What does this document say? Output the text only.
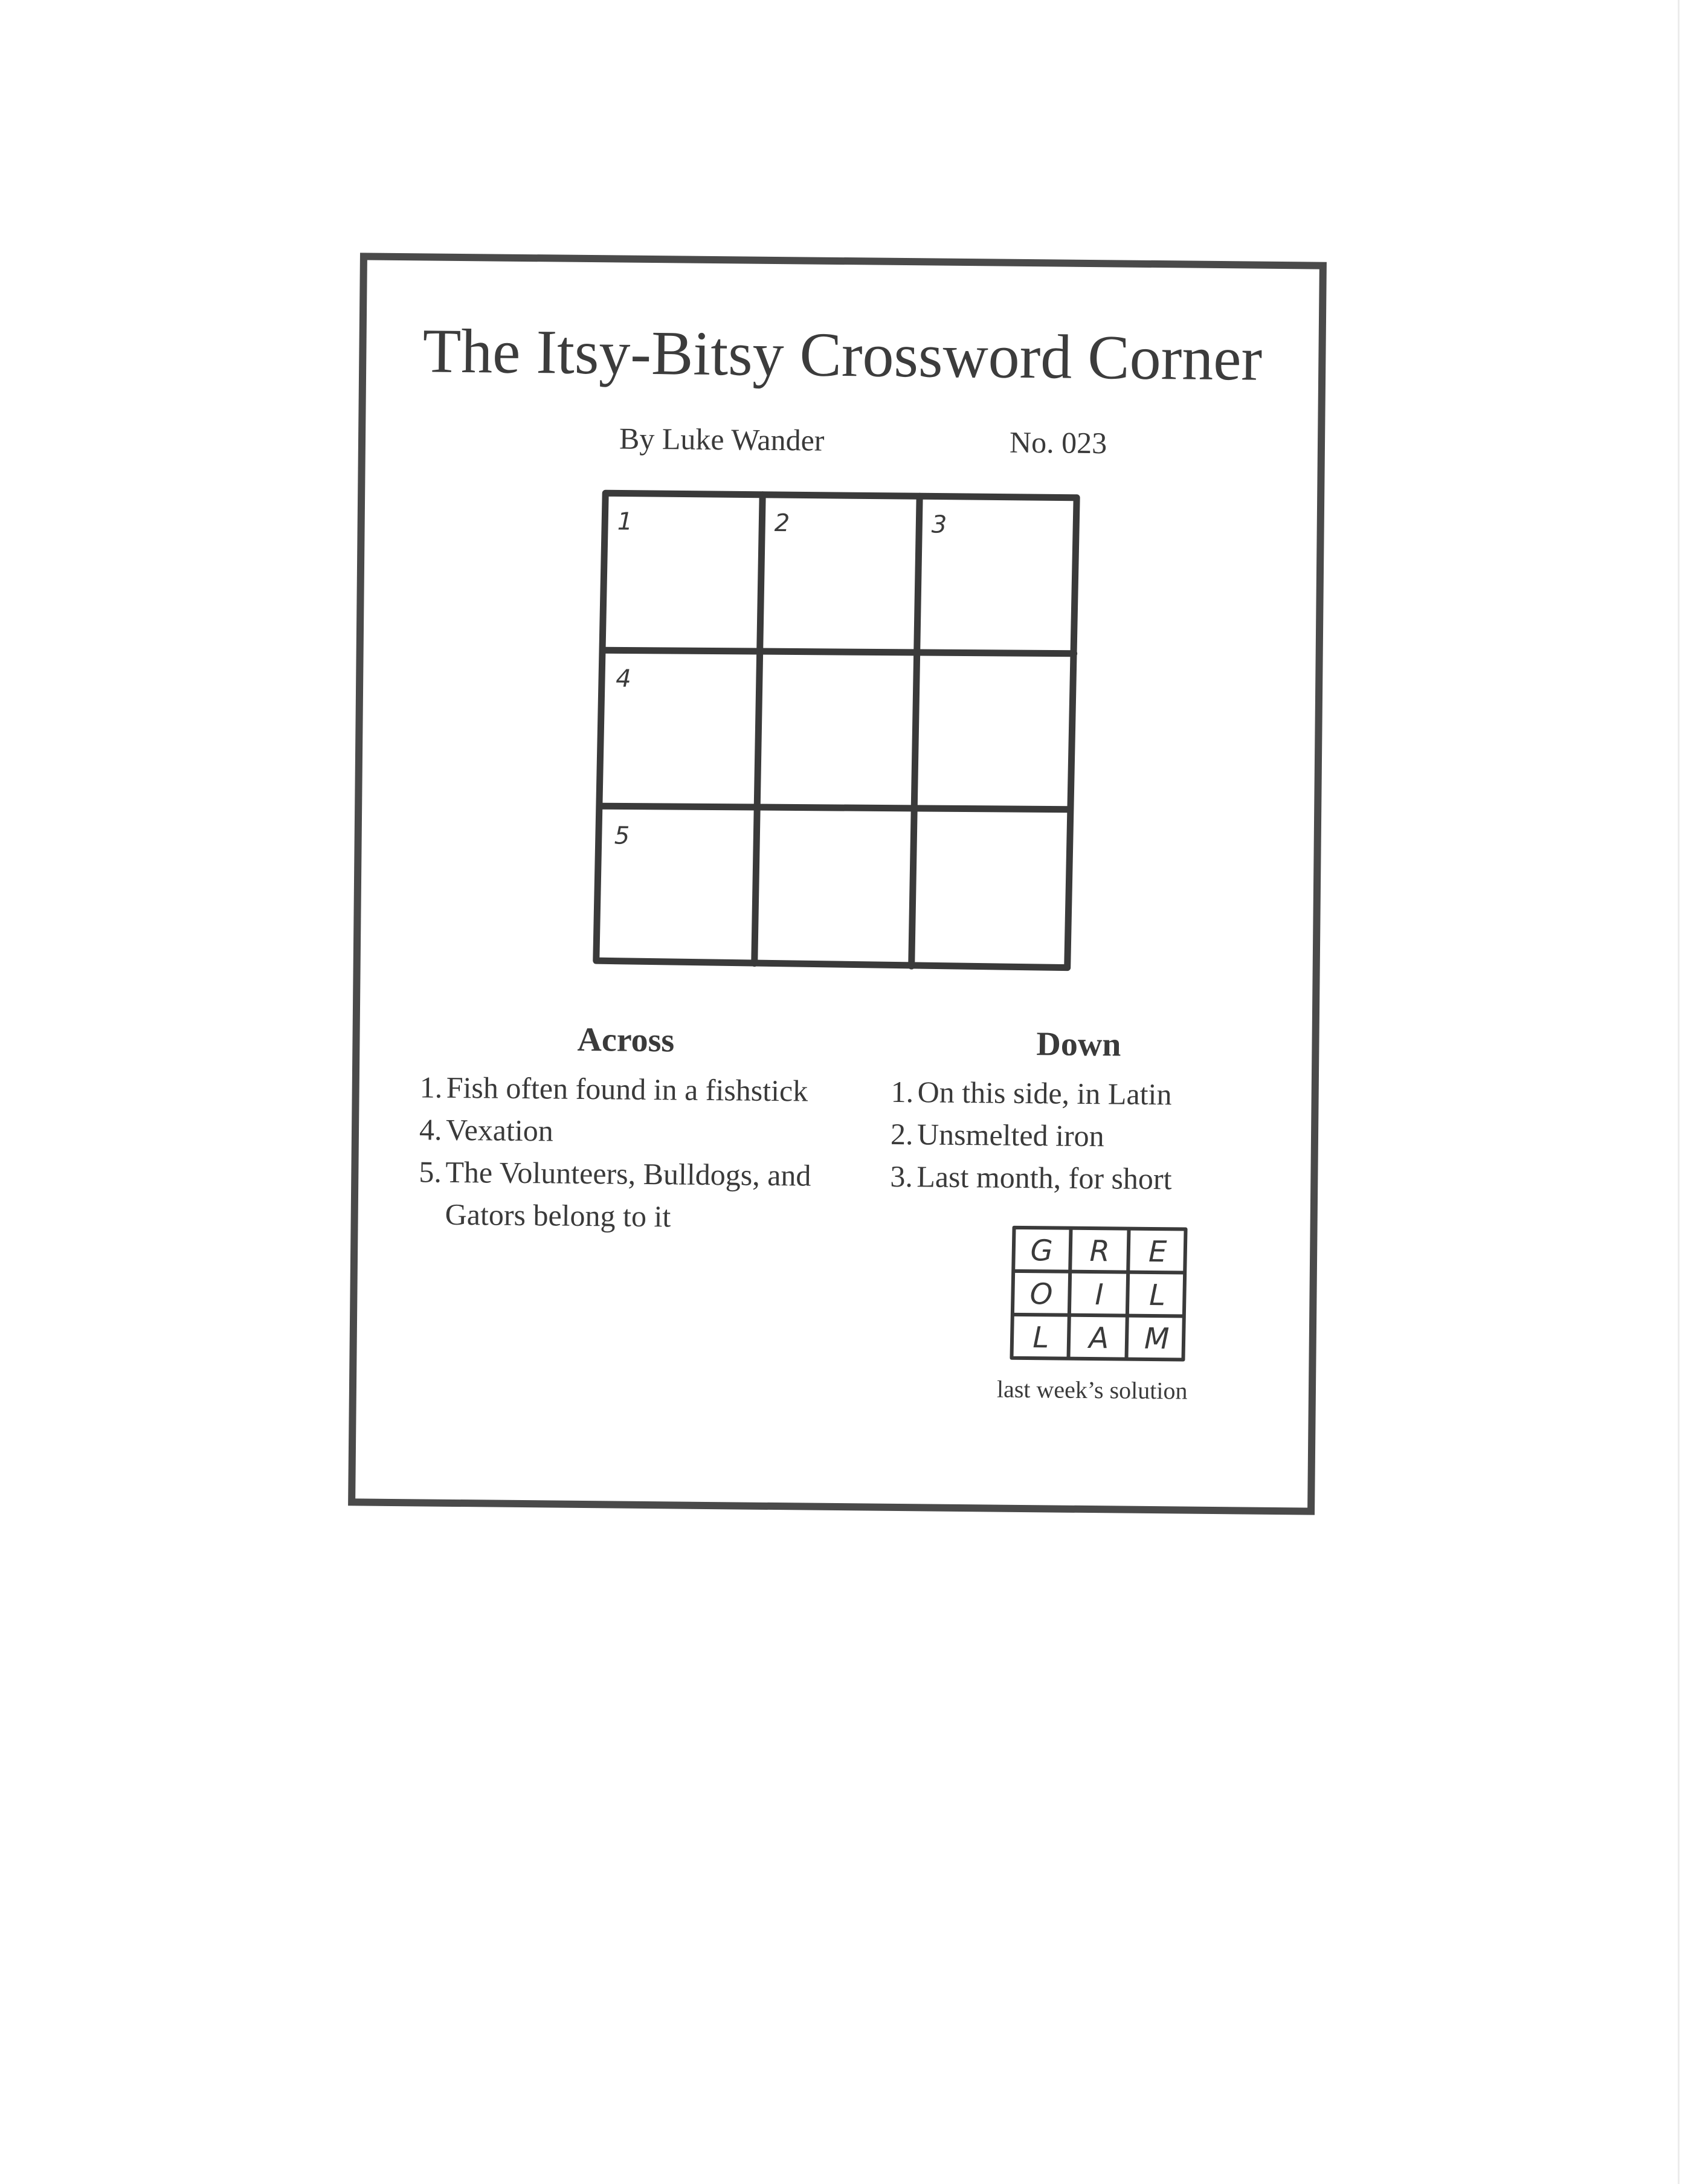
The Itsy-Bitsy Crossword Corner
By Luke Wander	No. 023
1	2	3
4
5
Across
1. Fish often found in a fishstick
4. Vexation
5. The Volunteers, Bulldogs, and Gators belong to it
Down
1. On this side, in Latin
2. Unsmelted iron
3. Last month, for short
G R E
O I L
L A M
last week’s solution
